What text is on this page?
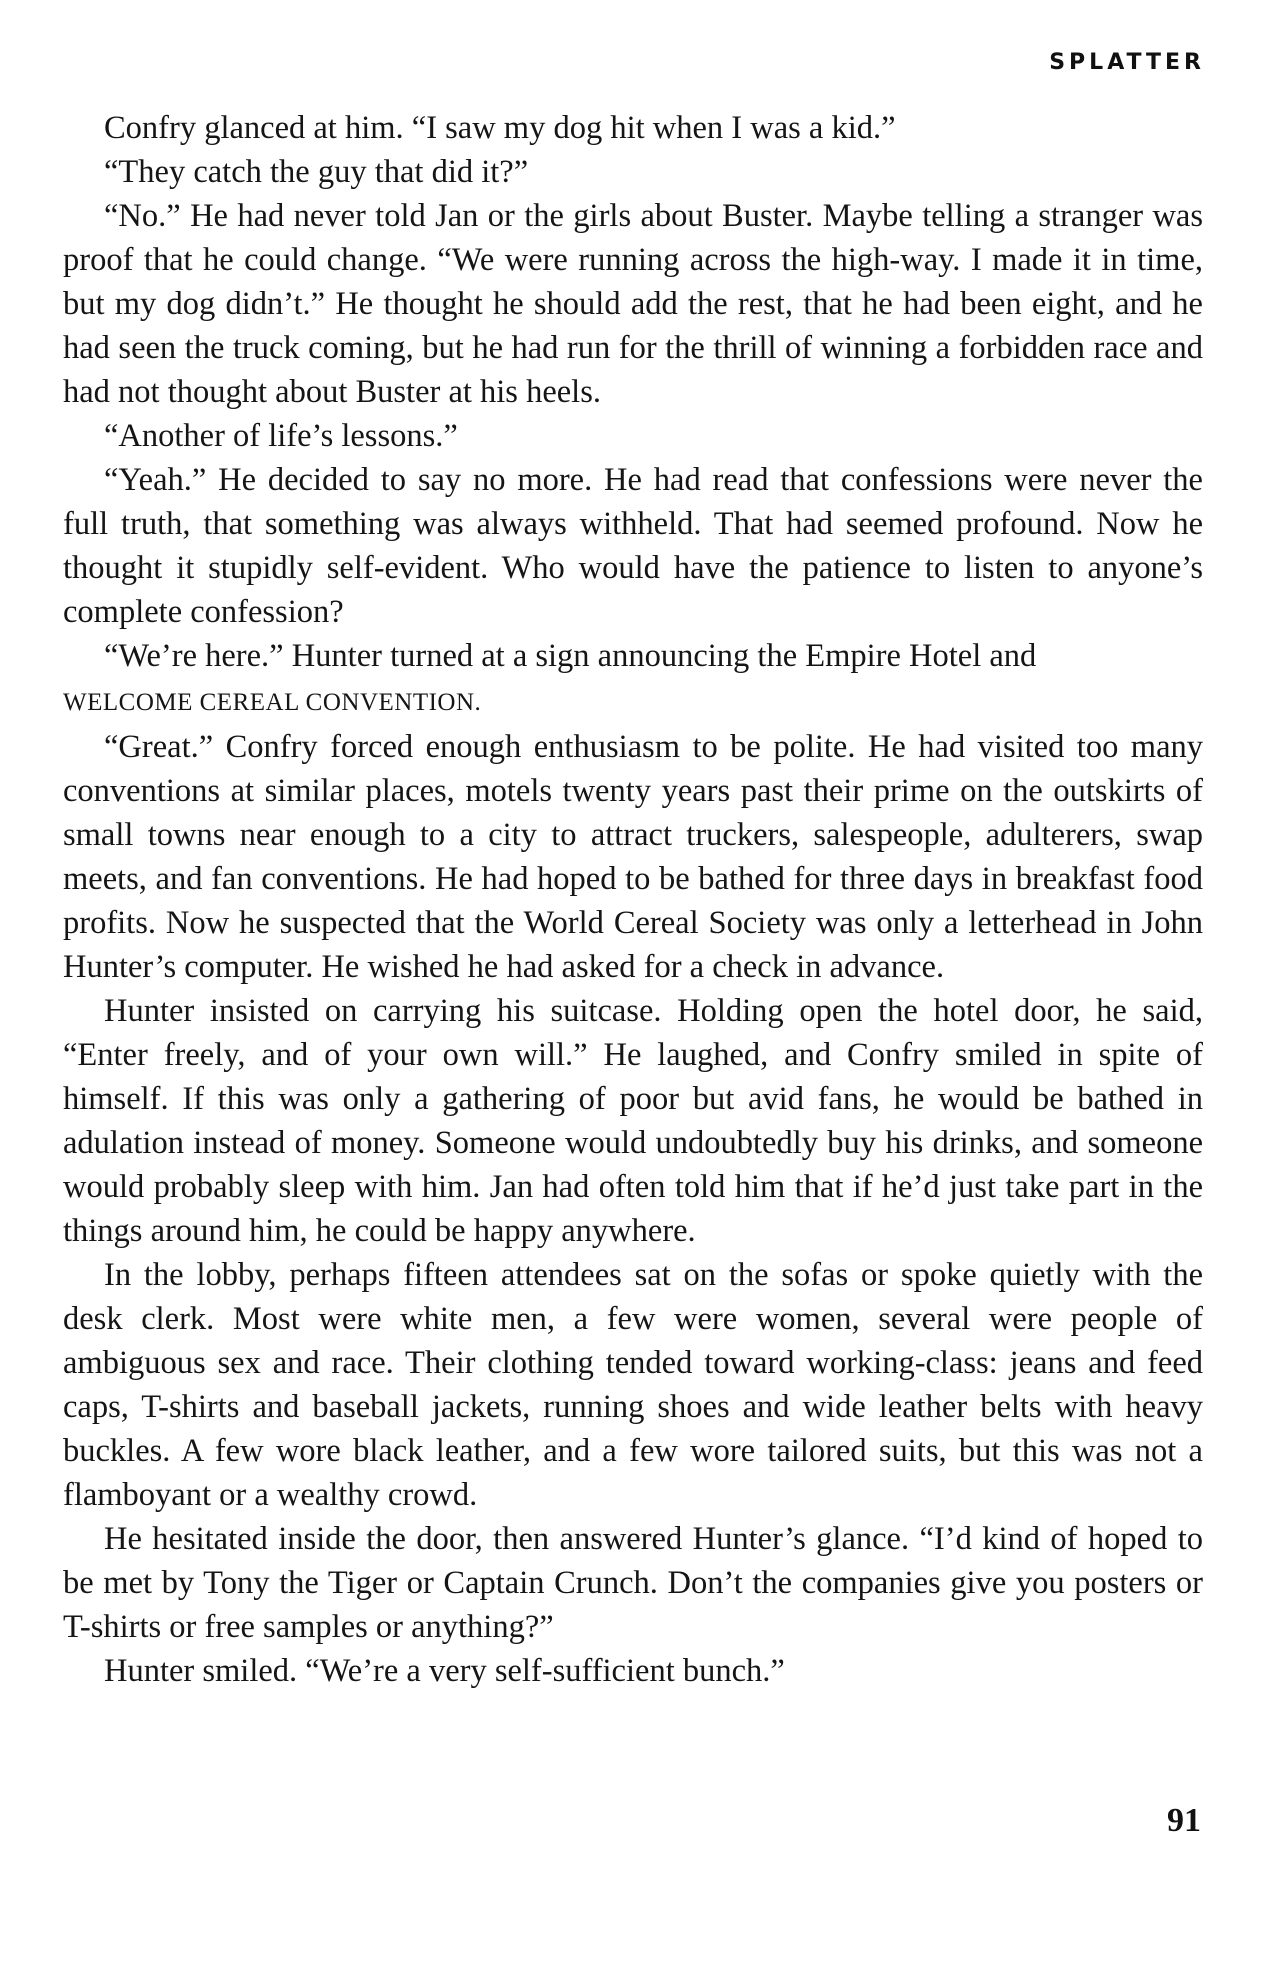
SPLATTER

Confry glanced at him. “I saw my dog hit when I was a kid.”

“They catch the guy that did it?”

“No.” He had never told Jan or the girls about Buster. Maybe telling a stranger was proof that he could change. “We were running across the high-way. I made it in time, but my dog didn’t.” He thought he should add the rest, that he had been eight, and he had seen the truck coming, but he had run for the thrill of winning a forbidden race and had not thought about Buster at his heels.

“Another of life’s lessons.”

“Yeah.” He decided to say no more. He had read that confessions were never the full truth, that something was always withheld. That had seemed profound. Now he thought it stupidly self-evident. Who would have the patience to listen to anyone’s complete confession?

“We’re here.” Hunter turned at a sign announcing the Empire Hotel and
WELCOME CEREAL CONVENTION.

“Great.” Confry forced enough enthusiasm to be polite. He had visited too many conventions at similar places, motels twenty years past their prime on the outskirts of small towns near enough to a city to attract truckers, salespeople, adulterers, swap meets, and fan conventions. He had hoped to be bathed for three days in breakfast food profits. Now he suspected that the World Cereal Society was only a letterhead in John Hunter’s computer. He wished he had asked for a check in advance.

Hunter insisted on carrying his suitcase. Holding open the hotel door, he said, “Enter freely, and of your own will.” He laughed, and Confry smiled in spite of himself. If this was only a gathering of poor but avid fans, he would be bathed in adulation instead of money. Someone would undoubtedly buy his drinks, and someone would probably sleep with him. Jan had often told him that if he’d just take part in the things around him, he could be happy anywhere.

In the lobby, perhaps fifteen attendees sat on the sofas or spoke quietly with the desk clerk. Most were white men, a few were women, several were people of ambiguous sex and race. Their clothing tended toward working-class: jeans and feed caps, T-shirts and baseball jackets, running shoes and wide leather belts with heavy buckles. A few wore black leather, and a few wore tailored suits, but this was not a flamboyant or a wealthy crowd.

He hesitated inside the door, then answered Hunter’s glance. “I’d kind of hoped to be met by Tony the Tiger or Captain Crunch. Don’t the companies give you posters or T-shirts or free samples or anything?”

Hunter smiled. “We’re a very self-sufficient bunch.”

91
